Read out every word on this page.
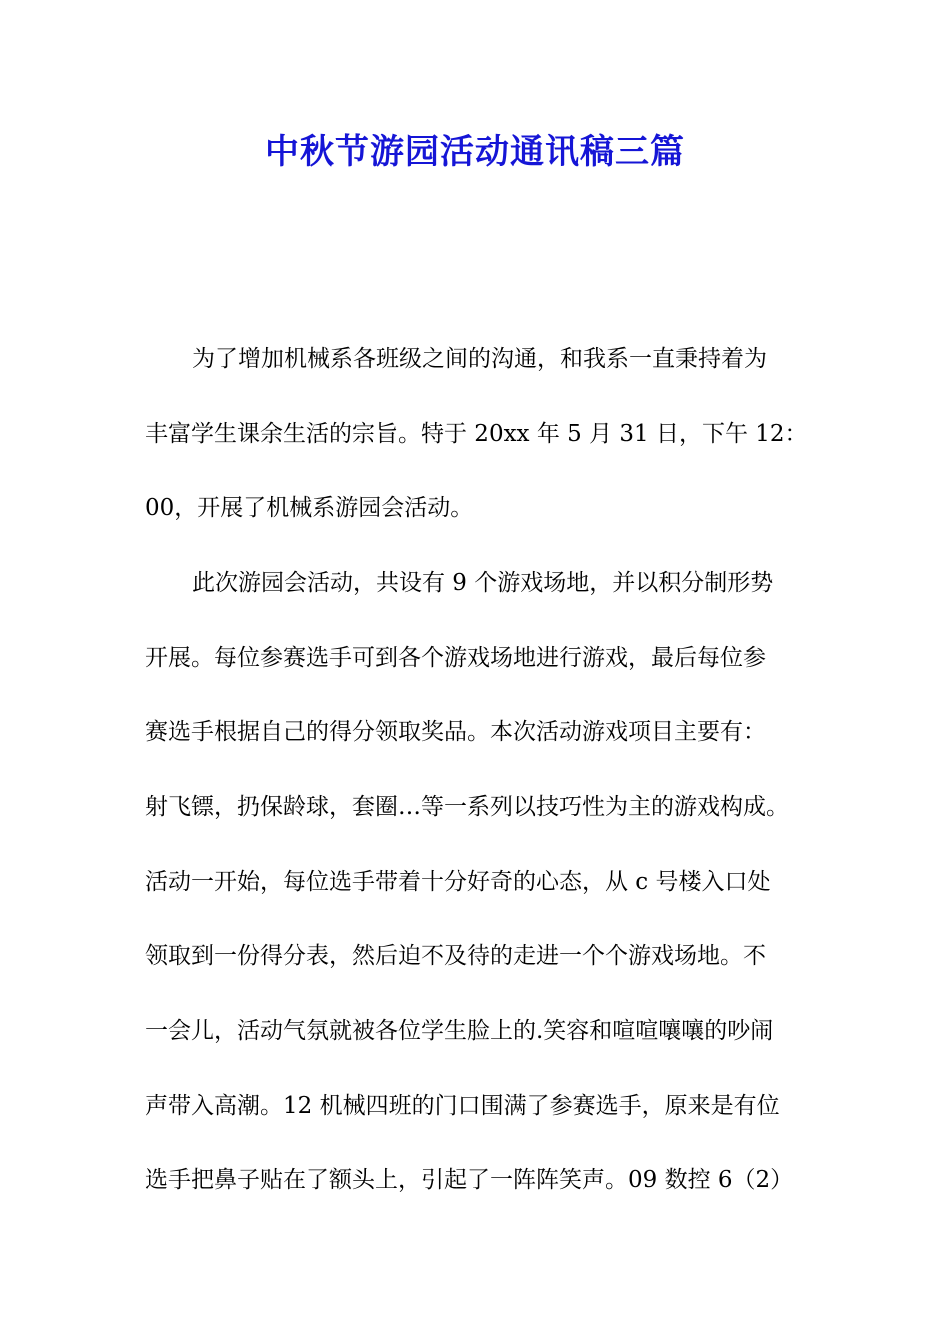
中秋节游园活动通讯稿三篇

为了增加机械系各班级之间的沟通，和我系一直秉持着为

丰富学生课余生活的宗旨。特于 20xx 年 5 月 31 日，下午 12：

00，开展了机械系游园会活动。

此次游园会活动，共设有 9 个游戏场地，并以积分制形势

开展。每位参赛选手可到各个游戏场地进行游戏，最后每位参

赛选手根据自己的得分领取奖品。本次活动游戏项目主要有：

射飞镖，扔保龄球，套圈…等一系列以技巧性为主的游戏构成。

活动一开始，每位选手带着十分好奇的心态，从 c 号楼入口处

领取到一份得分表，然后迫不及待的走进一个个游戏场地。不

一会儿，活动气氛就被各位学生脸上的.笑容和喧喧嚷嚷的吵闹

声带入高潮。12 机械四班的门口围满了参赛选手，原来是有位

选手把鼻子贴在了额头上，引起了一阵阵笑声。09 数控 6（2）
